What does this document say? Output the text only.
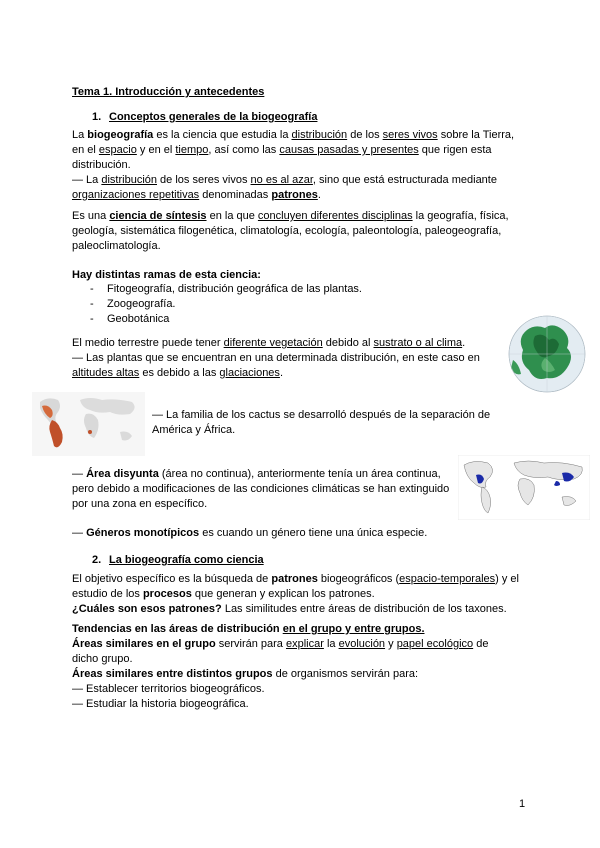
Tema 1. Introducción y antecedentes
1. Conceptos generales de la biogeografía
La biogeografía es la ciencia que estudia la distribución de los seres vivos sobre la Tierra,
en el espacio y en el tiempo, así como las causas pasadas y presentes que rigen esta
distribución.
— La distribución de los seres vivos no es al azar, sino que está estructurada mediante
organizaciones repetitivas denominadas patrones.
Es una ciencia de síntesis en la que concluyen diferentes disciplinas la geografía, física,
geología, sistemática filogenética, climatología, ecología, paleontología, paleogeografía,
paleoclimatología.
Hay distintas ramas de esta ciencia:
- Fitogeografía, distribución geográfica de las plantas.
- Zoogeografía.
- Geobotánica
El medio terrestre puede tener diferente vegetación debido al sustrato o al clima.
— Las plantas que se encuentran en una determinada distribución, en este caso en
altitudes altas es debido a las glaciaciones.
— La familia de los cactus se desarrolló después de la separación de
América y África.
— Área disyunta (área no continua), anteriormente tenía un área continua,
pero debido a modificaciones de las condiciones climáticas se han extinguido
por una zona en específico.
— Géneros monotípicos es cuando un género tiene una única especie.
2. La biogeografía como ciencia
El objetivo específico es la búsqueda de patrones biogeográficos (espacio-temporales) y el
estudio de los procesos que generan y explican los patrones.
¿Cuáles son esos patrones? Las similitudes entre áreas de distribución de los taxones.
Tendencias en las áreas de distribución en el grupo y entre grupos.
Áreas similares en el grupo servirán para explicar la evolución y papel ecológico de
dicho grupo.
Áreas similares entre distintos grupos de organismos servirán para:
— Establecer territorios biogeográficos.
— Estudiar la historia biogeográfica.
1
